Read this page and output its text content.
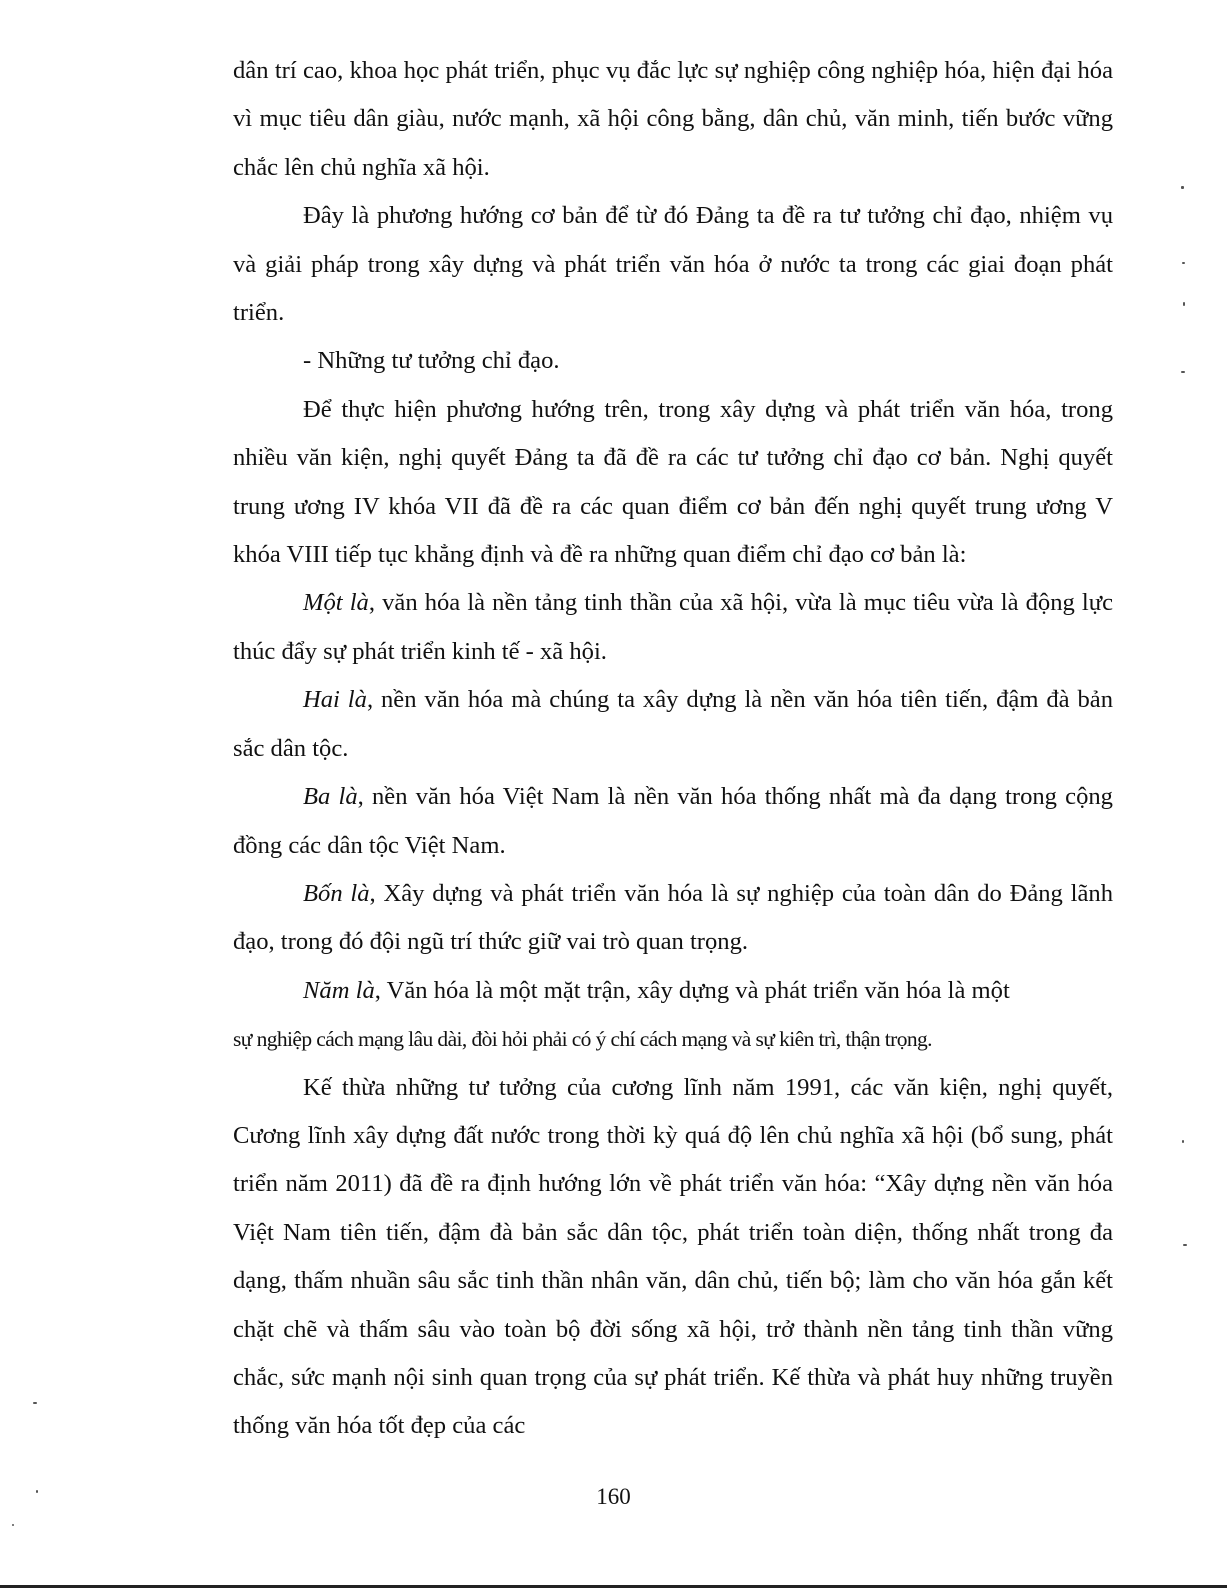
dân trí cao, khoa học phát triển, phục vụ đắc lực sự nghiệp công nghiệp hóa, hiện đại hóa vì mục tiêu dân giàu, nước mạnh, xã hội công bằng, dân chủ, văn minh, tiến bước vững chắc lên chủ nghĩa xã hội.

Đây là phương hướng cơ bản để từ đó Đảng ta đề ra tư tưởng chỉ đạo, nhiệm vụ và giải pháp trong xây dựng và phát triển văn hóa ở nước ta trong các giai đoạn phát triển.

- Những tư tưởng chỉ đạo.

Để thực hiện phương hướng trên, trong xây dựng và phát triển văn hóa, trong nhiều văn kiện, nghị quyết Đảng ta đã đề ra các tư tưởng chỉ đạo cơ bản. Nghị quyết trung ương IV khóa VII đã đề ra các quan điểm cơ bản đến nghị quyết trung ương V khóa VIII tiếp tục khẳng định và đề ra những quan điểm chỉ đạo cơ bản là:

Một là, văn hóa là nền tảng tinh thần của xã hội, vừa là mục tiêu vừa là động lực thúc đẩy sự phát triển kinh tế - xã hội.

Hai là, nền văn hóa mà chúng ta xây dựng là nền văn hóa tiên tiến, đậm đà bản sắc dân tộc.

Ba là, nền văn hóa Việt Nam là nền văn hóa thống nhất mà đa dạng trong cộng đồng các dân tộc Việt Nam.

Bốn là, Xây dựng và phát triển văn hóa là sự nghiệp của toàn dân do Đảng lãnh đạo, trong đó đội ngũ trí thức giữ vai trò quan trọng.

Năm là, Văn hóa là một mặt trận, xây dựng và phát triển văn hóa là một

sự nghiệp cách mạng lâu dài, đòi hỏi phải có ý chí cách mạng và sự kiên trì, thận trọng.

Kế thừa những tư tưởng của cương lĩnh năm 1991, các văn kiện, nghị quyết, Cương lĩnh xây dựng đất nước trong thời kỳ quá độ lên chủ nghĩa xã hội (bổ sung, phát triển năm 2011) đã đề ra định hướng lớn về phát triển văn hóa: “Xây dựng nền văn hóa Việt Nam tiên tiến, đậm đà bản sắc dân tộc, phát triển toàn diện, thống nhất trong đa dạng, thấm nhuần sâu sắc tinh thần nhân văn, dân chủ, tiến bộ; làm cho văn hóa gắn kết chặt chẽ và thấm sâu vào toàn bộ đời sống xã hội, trở thành nền tảng tinh thần vững chắc, sức mạnh nội sinh quan trọng của sự phát triển. Kế thừa và phát huy những truyền thống văn hóa tốt đẹp của các

160
